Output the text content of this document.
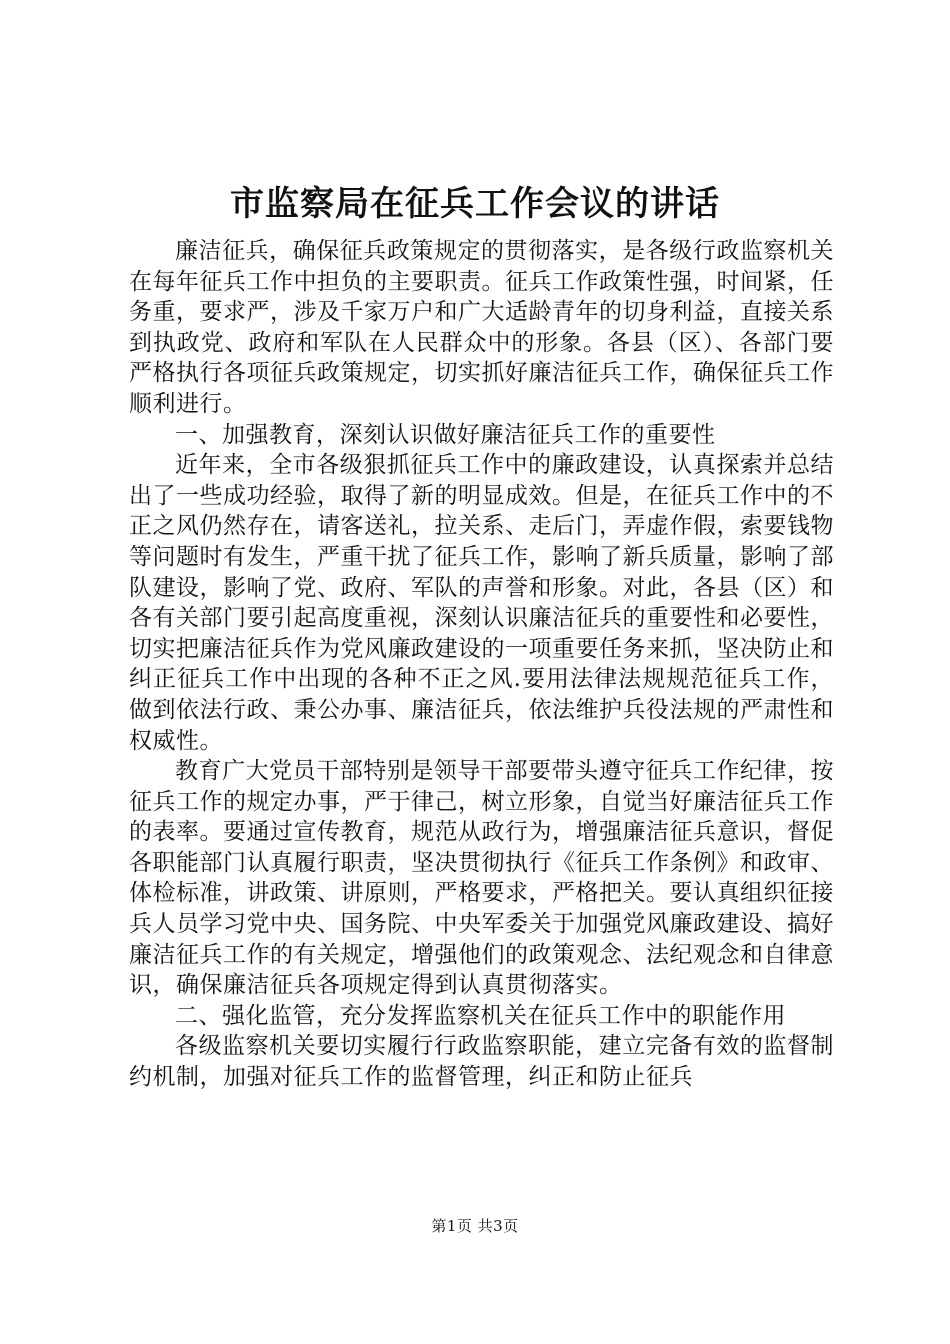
市监察局在征兵工作会议的讲话

廉洁征兵，确保征兵政策规定的贯彻落实，是各级行政监察机关在每年征兵工作中担负的主要职责。征兵工作政策性强，时间紧，任务重，要求严，涉及千家万户和广大适龄青年的切身利益，直接关系到执政党、政府和军队在人民群众中的形象。各县（区）、各部门要严格执行各项征兵政策规定，切实抓好廉洁征兵工作，确保征兵工作顺利进行。

一、加强教育，深刻认识做好廉洁征兵工作的重要性

近年来，全市各级狠抓征兵工作中的廉政建设，认真探索并总结出了一些成功经验，取得了新的明显成效。但是，在征兵工作中的不正之风仍然存在，请客送礼，拉关系、走后门，弄虚作假，索要钱物等问题时有发生，严重干扰了征兵工作，影响了新兵质量，影响了部队建设，影响了党、政府、军队的声誉和形象。对此，各县（区）和各有关部门要引起高度重视，深刻认识廉洁征兵的重要性和必要性，切实把廉洁征兵作为党风廉政建设的一项重要任务来抓，坚决防止和纠正征兵工作中出现的各种不正之风.要用法律法规规范征兵工作，做到依法行政、秉公办事、廉洁征兵，依法维护兵役法规的严肃性和权威性。

教育广大党员干部特别是领导干部要带头遵守征兵工作纪律，按征兵工作的规定办事，严于律己，树立形象，自觉当好廉洁征兵工作的表率。要通过宣传教育，规范从政行为，增强廉洁征兵意识，督促各职能部门认真履行职责，坚决贯彻执行《征兵工作条例》和政审、体检标准，讲政策、讲原则，严格要求，严格把关。要认真组织征接兵人员学习党中央、国务院、中央军委关于加强党风廉政建设、搞好廉洁征兵工作的有关规定，增强他们的政策观念、法纪观念和自律意识，确保廉洁征兵各项规定得到认真贯彻落实。

二、强化监管，充分发挥监察机关在征兵工作中的职能作用

各级监察机关要切实履行行政监察职能，建立完备有效的监督制约机制，加强对征兵工作的监督管理，纠正和防止征兵

第1页 共3页
